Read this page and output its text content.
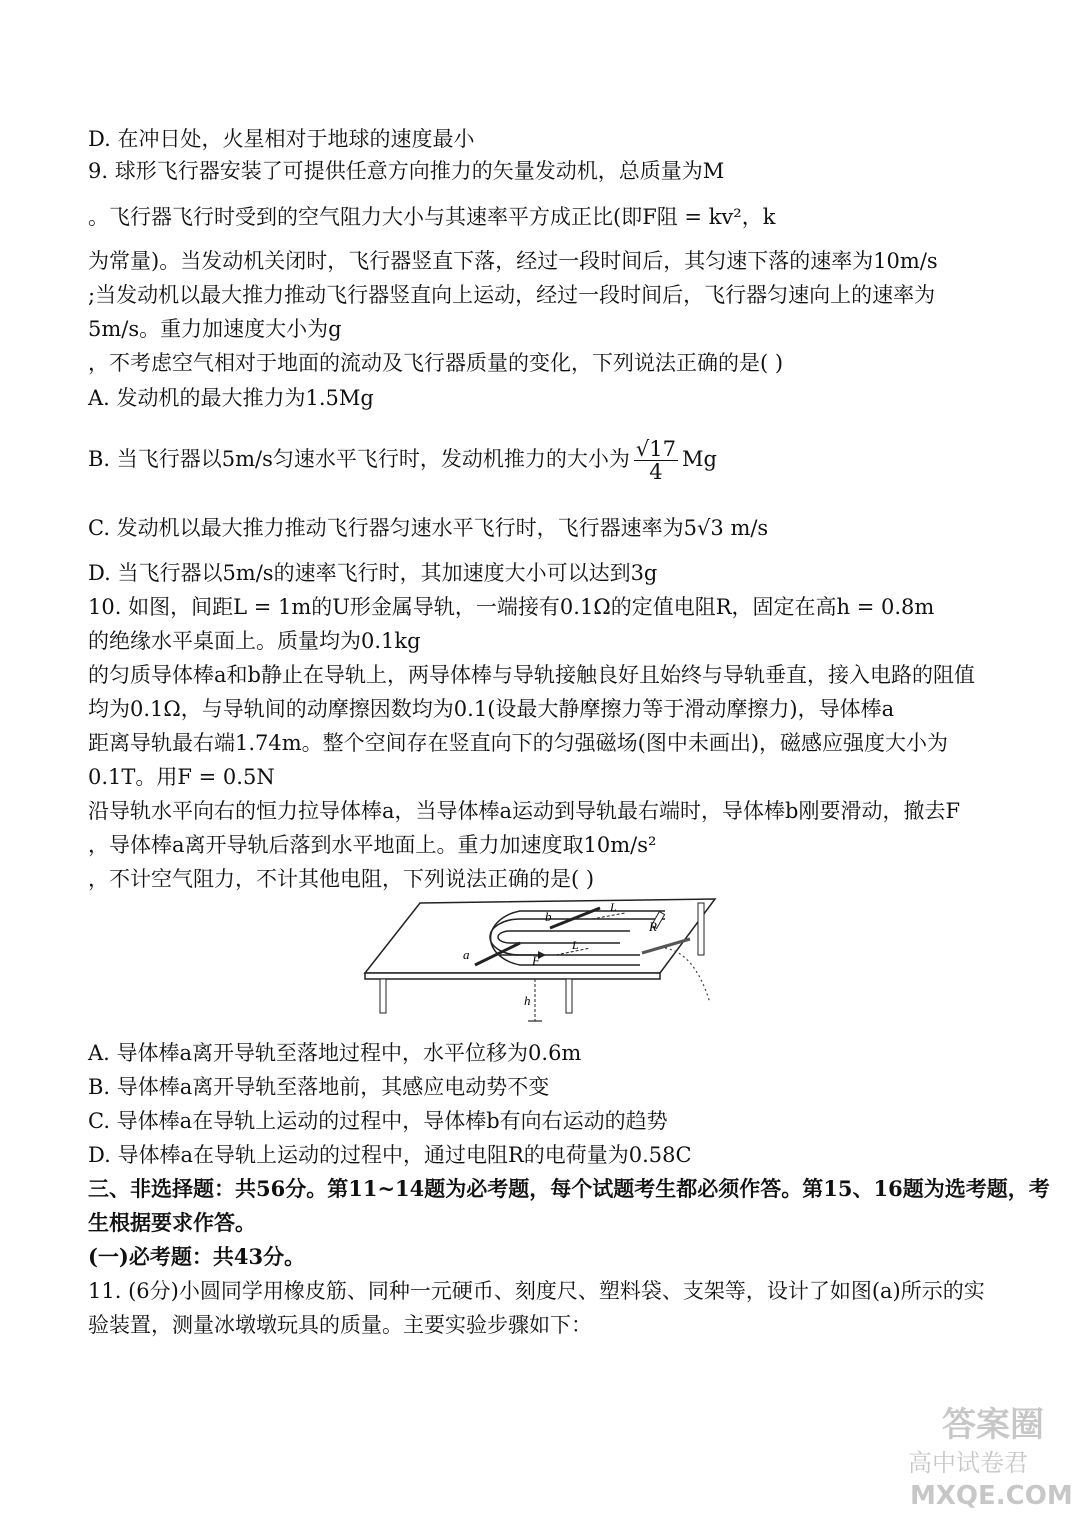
D. 在冲日处，火星相对于地球的速度最小
9. 球形飞行器安装了可提供任意方向推力的矢量发动机，总质量为M
。飞行器飞行时受到的空气阻力大小与其速率平方成正比(即F阻 = kv²，k
为常量)。当发动机关闭时，飞行器竖直下落，经过一段时间后，其匀速下落的速率为10m/s
;当发动机以最大推力推动飞行器竖直向上运动，经过一段时间后，飞行器匀速向上的速率为
5m/s。重力加速度大小为g
，不考虑空气相对于地面的流动及飞行器质量的变化，下列说法正确的是( )
A. 发动机的最大推力为1.5Mg
B. 当飞行器以5m/s匀速水平飞行时，发动机推力的大小为 $\frac{√17}{4}$ Mg
C. 发动机以最大推力推动飞行器匀速水平飞行时，飞行器速率为5√3 m/s
D. 当飞行器以5m/s的速率飞行时，其加速度大小可以达到3g
10. 如图，间距L = 1m的U形金属导轨，一端接有0.1Ω的定值电阻R，固定在高h = 0.8m
的绝缘水平桌面上。质量均为0.1kg
的匀质导体棒a和b静止在导轨上，两导体棒与导轨接触良好且始终与导轨垂直，接入电路的阻值
均为0.1Ω，与导轨间的动摩擦因数均为0.1(设最大静摩擦力等于滑动摩擦力)，导体棒a
距离导轨最右端1.74m。整个空间存在竖直向下的匀强磁场(图中未画出)，磁感应强度大小为
0.1T。用F = 0.5N
沿导轨水平向右的恒力拉导体棒a，当导体棒a运动到导轨最右端时，导体棒b刚要滑动，撤去F
，导体棒a离开导轨后落到水平地面上。重力加速度取10m/s²
，不计空气阻力，不计其他电阻，下列说法正确的是( )
a
b
F
R
h
L
L
A. 导体棒a离开导轨至落地过程中，水平位移为0.6m
B. 导体棒a离开导轨至落地前，其感应电动势不变
C. 导体棒a在导轨上运动的过程中，导体棒b有向右运动的趋势
D. 导体棒a在导轨上运动的过程中，通过电阻R的电荷量为0.58C
三、非选择题：共56分。第11~14题为必考题，每个试题考生都必须作答。第15、16题为选考题，考
生根据要求作答。
(一)必考题：共43分。
11. (6分)小圆同学用橡皮筋、同种一元硬币、刻度尺、塑料袋、支架等，设计了如图(a)所示的实
验装置，测量冰墩墩玩具的质量。主要实验步骤如下：
答案圈
高中试卷君
MXQE.COM
